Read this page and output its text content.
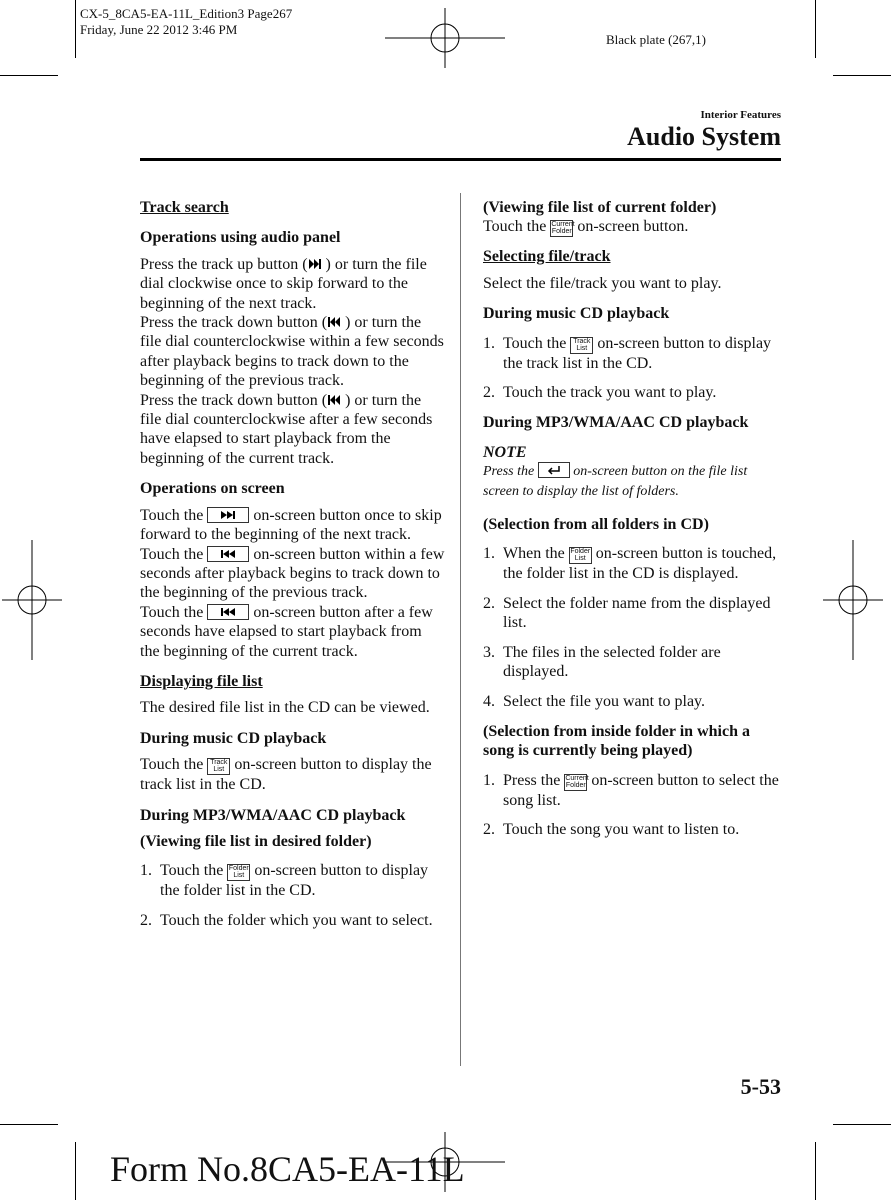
CX-5_8CA5-EA-11L_Edition3 Page267
Friday, June 22 2012 3:46 PM
Black plate (267,1)
Interior Features
Audio System

Track search

Operations using audio panel

Press the track up button ( ) or turn the file dial clockwise once to skip forward to the beginning of the next track.

Press the track down button ( ) or turn the file dial counterclockwise within a few seconds after playback begins to track down to the beginning of the previous track.

Press the track down button ( ) or turn the file dial counterclockwise after a few seconds have elapsed to start playback from the beginning of the current track.

Operations on screen

Touch the	on-screen button once to skip forward to the beginning of the next track.

Touch the	on-screen button within a few seconds after playback begins to track down to the beginning of the previous track.

Touch the	on-screen button after a few seconds have elapsed to start playback from the beginning of the current track.

Displaying file list

The desired file list in the CD can be viewed.

During music CD playback

Touch the Track
List on-screen button to display the track list in the CD.

During MP3/WMA/AAC CD playback

(Viewing file list in desired folder)

1. Touch the Folder
List on-screen button to display the folder list in the CD.
2. Touch the folder which you want to select.

(Viewing file list of current folder)

Touch the Current
Folder on-screen button.

Selecting file/track

Select the file/track you want to play.

During music CD playback

1. Touch the Track
List on-screen button to display the track list in the CD.
2. Touch the track you want to play.

During MP3/WMA/AAC CD playback

NOTE

Press the	on-screen button on the file list screen to display the list of folders.

(Selection from all folders in CD)

1. When the Folder
List on-screen button is touched, the folder list in the CD is displayed.
2. Select the folder name from the displayed list.
3. The files in the selected folder are displayed.
4. Select the file you want to play.

(Selection from inside folder in which a song is currently being played)

1. Press the Current
Folder on-screen button to select the song list.
2. Touch the song you want to listen to.
5-53
Form No.8CA5-EA-11L
